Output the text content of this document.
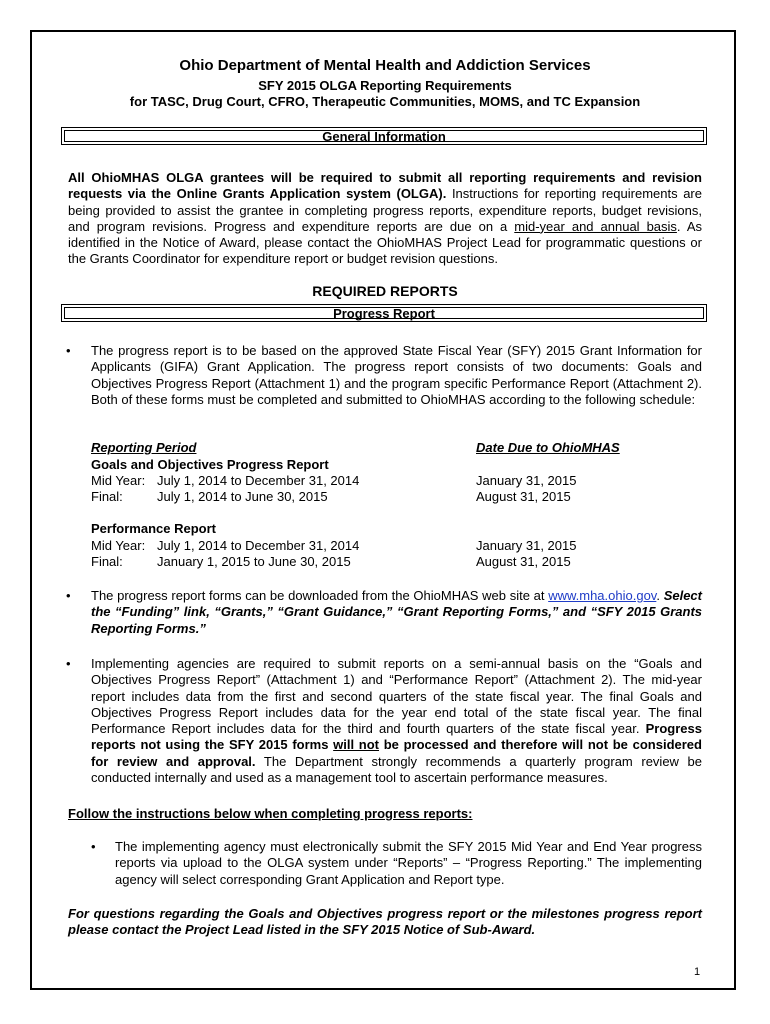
Ohio Department of Mental Health and Addiction Services
SFY 2015 OLGA Reporting Requirements
for TASC, Drug Court, CFRO, Therapeutic Communities, MOMS, and TC Expansion
General Information
All OhioMHAS OLGA grantees will be required to submit all reporting requirements and revision requests via the Online Grants Application system (OLGA). Instructions for reporting requirements are being provided to assist the grantee in completing progress reports, expenditure reports, budget revisions, and program revisions. Progress and expenditure reports are due on a mid-year and annual basis. As identified in the Notice of Award, please contact the OhioMHAS Project Lead for programmatic questions or the Grants Coordinator for expenditure report or budget revision questions.
REQUIRED REPORTS
Progress Report
• The progress report is to be based on the approved State Fiscal Year (SFY) 2015 Grant Information for Applicants (GIFA) Grant Application. The progress report consists of two documents: Goals and Objectives Progress Report (Attachment 1) and the program specific Performance Report (Attachment 2). Both of these forms must be completed and submitted to OhioMHAS according to the following schedule:
Reporting Period	Date Due to OhioMHAS
Goals and Objectives Progress Report
Mid Year: July 1, 2014 to December 31, 2014	January 31, 2015
Final:	July 1, 2014 to June 30, 2015	August 31, 2015
Performance Report
Mid Year: July 1, 2014 to December 31, 2014	January 31, 2015
Final:	January 1, 2015 to June 30, 2015	August 31, 2015
• The progress report forms can be downloaded from the OhioMHAS web site at www.mha.ohio.gov. Select the “Funding” link, “Grants,” “Grant Guidance,” “Grant Reporting Forms,” and “SFY 2015 Grants Reporting Forms.”
• Implementing agencies are required to submit reports on a semi-annual basis on the “Goals and Objectives Progress Report” (Attachment 1) and “Performance Report” (Attachment 2). The mid-year report includes data from the first and second quarters of the state fiscal year. The final Goals and Objectives Progress Report includes data for the year end total of the state fiscal year. The final Performance Report includes data for the third and fourth quarters of the state fiscal year. Progress reports not using the SFY 2015 forms will not be processed and therefore will not be considered for review and approval. The Department strongly recommends a quarterly program review be conducted internally and used as a management tool to ascertain performance measures.
Follow the instructions below when completing progress reports:
• The implementing agency must electronically submit the SFY 2015 Mid Year and End Year progress reports via upload to the OLGA system under “Reports” – “Progress Reporting.” The implementing agency will select corresponding Grant Application and Report type.
For questions regarding the Goals and Objectives progress report or the milestones progress report please contact the Project Lead listed in the SFY 2015 Notice of Sub-Award.
1
